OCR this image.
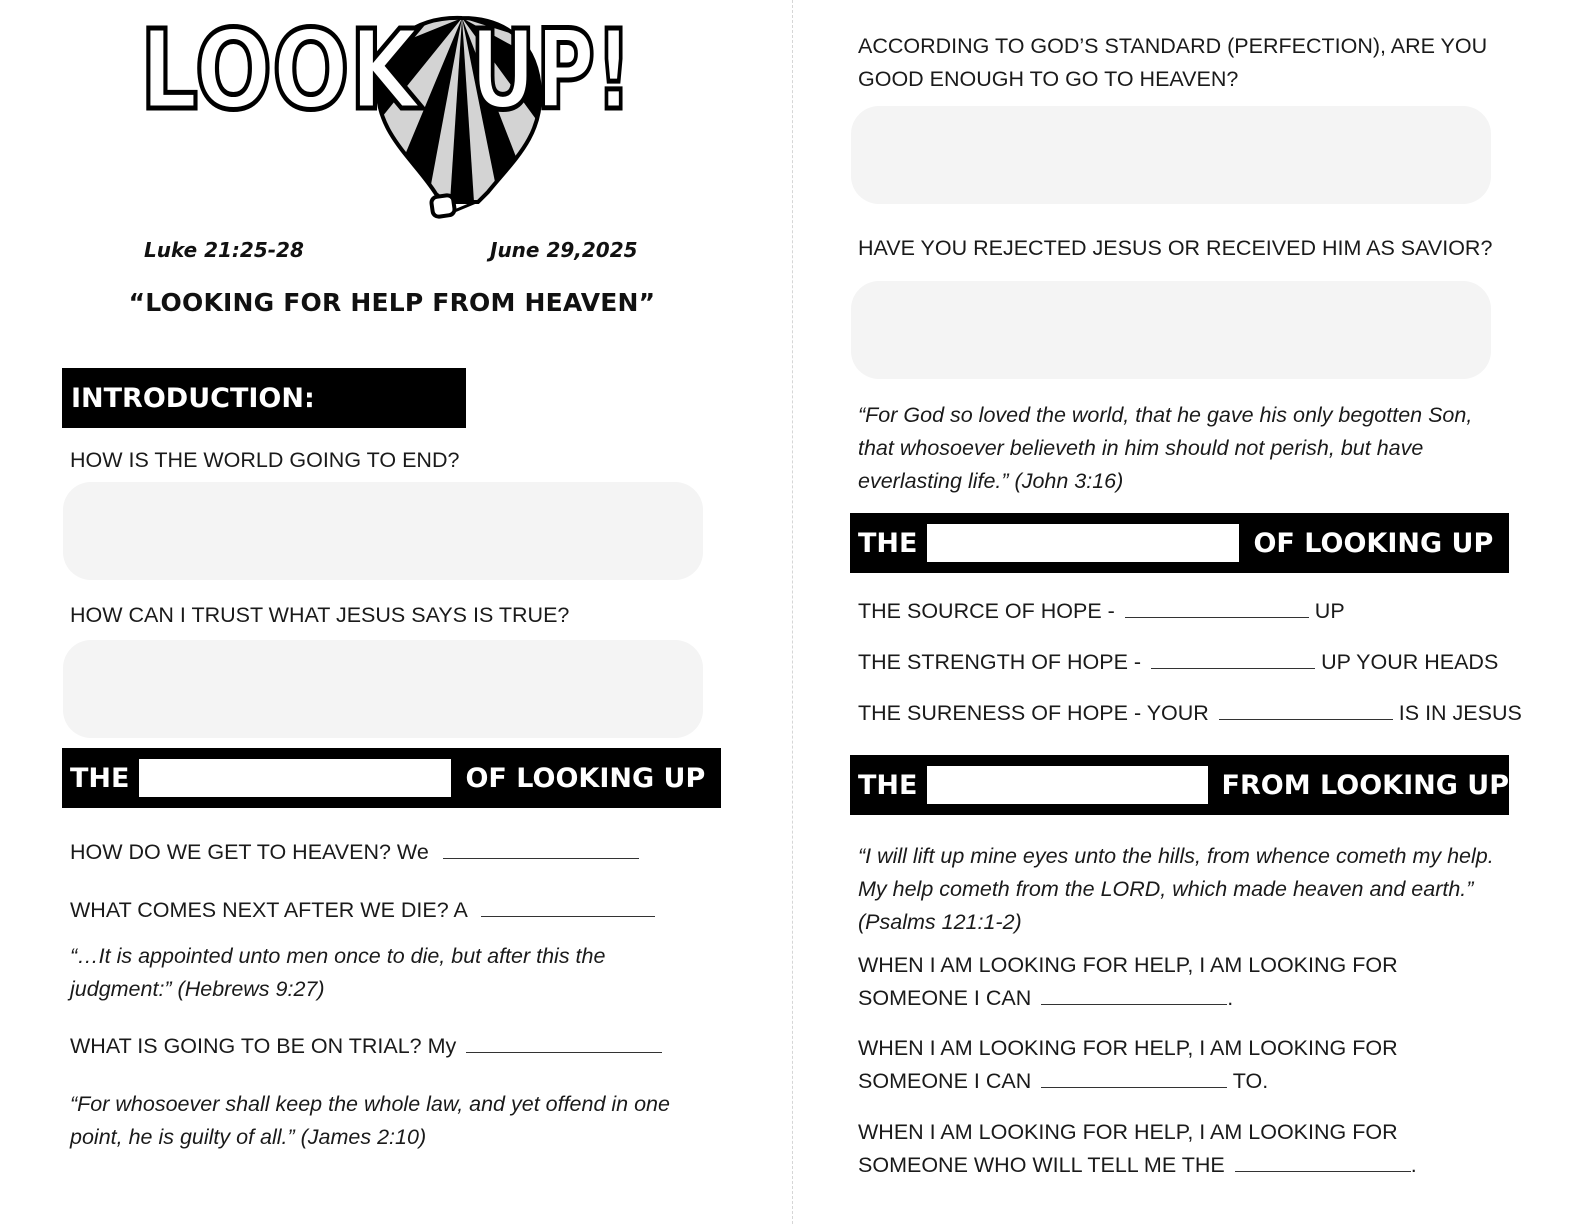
LOOK UP!
Luke 21:25-28	June 29,2025
“LOOKING FOR HELP FROM HEAVEN”
INTRODUCTION:
HOW IS THE WORLD GOING TO END?
HOW CAN I TRUST WHAT JESUS SAYS IS TRUE?
THE	OF LOOKING UP
HOW DO WE GET TO HEAVEN? We
WHAT COMES NEXT AFTER WE DIE? A
“…It is appointed unto men once to die, but after this the judgment:” (Hebrews 9:27)
WHAT IS GOING TO BE ON TRIAL? My
“For whosoever shall keep the whole law, and yet offend in one point, he is guilty of all.” (James 2:10)
ACCORDING TO GOD’S STANDARD (PERFECTION), ARE YOU GOOD ENOUGH TO GO TO HEAVEN?
HAVE YOU REJECTED JESUS OR RECEIVED HIM AS SAVIOR?
“For God so loved the world, that he gave his only begotten Son, that whosoever believeth in him should not perish, but have everlasting life.” (John 3:16)
THE	OF LOOKING UP
THE SOURCE OF HOPE -	UP
THE STRENGTH OF HOPE -	UP YOUR HEADS
THE SURENESS OF HOPE - YOUR	IS IN JESUS
THE	FROM LOOKING UP
“I will lift up mine eyes unto the hills, from whence cometh my help. My help cometh from the LORD, which made heaven and earth.” (Psalms 121:1-2)
WHEN I AM LOOKING FOR HELP, I AM LOOKING FOR
SOMEONE I CAN	.
WHEN I AM LOOKING FOR HELP, I AM LOOKING FOR
SOMEONE I CAN	TO.
WHEN I AM LOOKING FOR HELP, I AM LOOKING FOR
SOMEONE WHO WILL TELL ME THE	.
